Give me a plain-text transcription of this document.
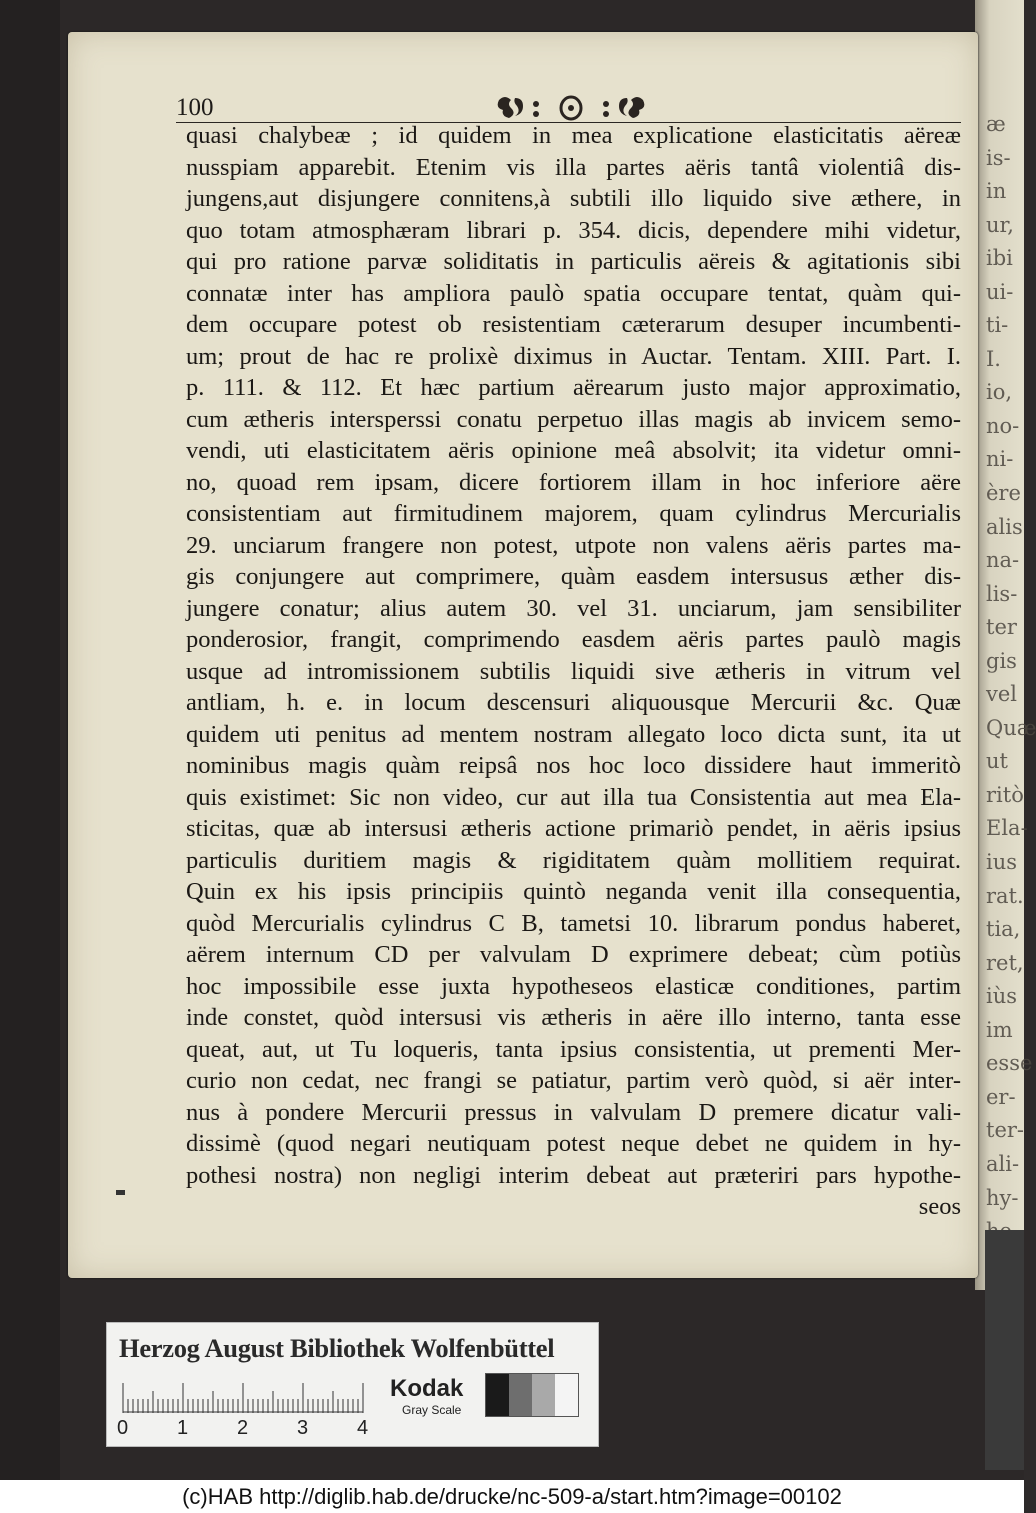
æ
is-
in
ur,
ibi
ui-
ti-
I.
io,
no-
ni-
ère
alis
na-
lis-
ter
gis
vel
Quæ
ut
ritò
Ela-
ius
rat.
tia,
ret,
iùs
im
esse
er-
ter-
ali-
hy-
100
quasi chalybeæ ; id quidem in mea explicatione elasticitatis aëreæ
nusspiam apparebit. Etenim vis illa partes aëris tantâ violentiâ dis-
jungens,aut disjungere connitens,à subtili illo liquido sive æthere, in
quo totam atmosphæram librari p. 354. dicis, dependere mihi videtur,
qui pro ratione parvæ soliditatis in particulis aëreis & agitationis sibi
connatæ inter has ampliora paulò spatia occupare tentat, quàm qui-
dem occupare potest ob resistentiam cæterarum desuper incumbenti-
um; prout de hac re prolixè diximus in Auctar. Tentam. XIII. Part. I.
p. 111. & 112. Et hæc partium aërearum justo major approximatio,
cum ætheris intersperssi conatu perpetuo illas magis ab invicem semo-
vendi, uti elasticitatem aëris opinione meâ absolvit; ita videtur omni-
no, quoad rem ipsam, dicere fortiorem illam in hoc inferiore aëre
consistentiam aut firmitudinem majorem, quam cylindrus Mercurialis
29. unciarum frangere non potest, utpote non valens aëris partes ma-
gis conjungere aut comprimere, quàm easdem intersusus æther dis-
jungere conatur; alius autem 30. vel 31. unciarum, jam sensibiliter
ponderosior, frangit, comprimendo easdem aëris partes paulò magis
usque ad intromissionem subtilis liquidi sive ætheris in vitrum vel
antliam, h. e. in locum descensuri aliquousque Mercurii &c. Quæ
quidem uti penitus ad mentem nostram allegato loco dicta sunt, ita ut
nominibus magis quàm reipsâ nos hoc loco dissidere haut immeritò
quis existimet: Sic non video, cur aut illa tua Consistentia aut mea Ela-
sticitas, quæ ab intersusi ætheris actione primariò pendet, in aëris ipsius
particulis duritiem magis & rigiditatem quàm mollitiem requirat.
Quin ex his ipsis principiis quintò neganda venit illa consequentia,
quòd Mercurialis cylindrus C B, tametsi 10. librarum pondus haberet,
aërem internum CD per valvulam D exprimere debeat; cùm potiùs
hoc impossibile esse juxta hypotheseos elasticæ conditiones, partim
inde constet, quòd intersusi vis ætheris in aëre illo interno, tanta esse
queat, aut, ut Tu loqueris, tanta ipsius consistentia, ut prementi Mer-
curio non cedat, nec frangi se patiatur, partim verò quòd, si aër inter-
nus à pondere Mercurii pressus in valvulam D premere dicatur vali-
dissimè (quod negari neutiquam potest neque debet ne quidem in hy-
pothesi nostra) non negligi interim debeat aut præteriri pars hypothe-
seos
Herzog August Bibliothek Wolfenbüttel
0 1 2 3 4
Kodak
Gray Scale
(c)HAB http://diglib.hab.de/drucke/nc-509-a/start.htm?image=00102
